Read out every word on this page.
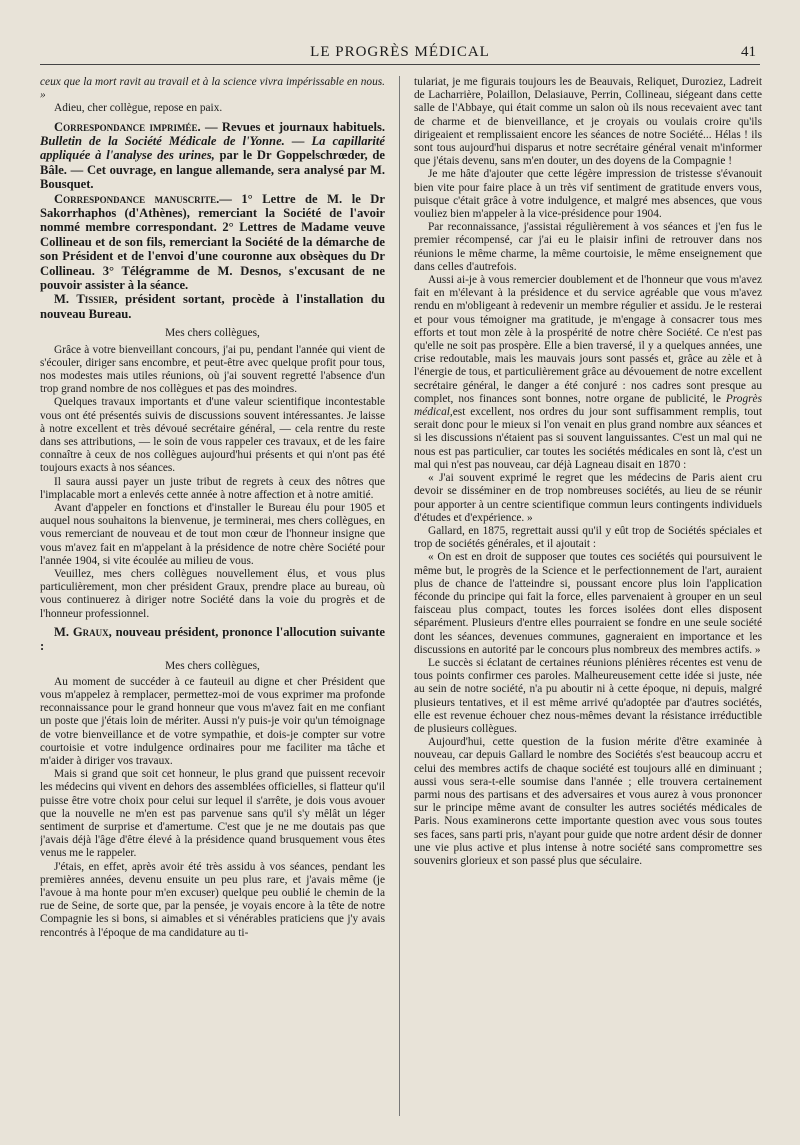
LE PROGRÈS MÉDICAL	41

ceux que la mort ravit au travail et à la science vivra impérissable en nous. »

Adieu, cher collègue, repose en paix.

Correspondance imprimée. — Revues et journaux habituels. Bulletin de la Société Médicale de l'Yonne. — La capillarité appliquée à l'analyse des urines, par le Dr Goppelschrœder, de Bâle. — Cet ouvrage, en langue allemande, sera analysé par M. Bousquet.

Correspondance manuscrite.— 1° Lettre de M. le Dr Sakorrhaphos (d'Athènes), remerciant la Société de l'avoir nommé membre correspondant. 2° Lettres de Madame veuve Collineau et de son fils, remerciant la Société de la démarche de son Président et de l'envoi d'une couronne aux obsèques du Dr Collineau. 3° Télégramme de M. Desnos, s'excusant de ne pouvoir assister à la séance.

M. Tissier, président sortant, procède à l'installation du nouveau Bureau.

Mes chers collègues,

Grâce à votre bienveillant concours, j'ai pu, pendant l'année qui vient de s'écouler, diriger sans encombre, et peut-être avec quelque profit pour tous, nos modestes mais utiles réunions, où j'ai souvent regretté l'absence d'un trop grand nombre de nos collègues et pas des moindres.

Quelques travaux importants et d'une valeur scientifique incontestable vous ont été présentés suivis de discussions souvent intéressantes. Je laisse à notre excellent et très dévoué secrétaire général, — cela rentre du reste dans ses attributions, — le soin de vous rappeler ces travaux, et de les faire connaître à ceux de nos collègues aujourd'hui présents et qui n'ont pas été toujours exacts à nos séances.

Il saura aussi payer un juste tribut de regrets à ceux des nôtres que l'implacable mort a enlevés cette année à notre affection et à notre amitié.

Avant d'appeler en fonctions et d'installer le Bureau élu pour 1905 et auquel nous souhaitons la bienvenue, je terminerai, mes chers collègues, en vous remerciant de nouveau et de tout mon cœur de l'honneur insigne que vous m'avez fait en m'appelant à la présidence de notre chère Société pour l'année 1904, si vite écoulée au milieu de vous.

Veuillez, mes chers collègues nouvellement élus, et vous plus particulièrement, mon cher président Graux, prendre place au bureau, où vous continuerez à diriger notre Société dans la voie du progrès et de l'honneur professionnel.

M. Graux, nouveau président, prononce l'allocution suivante :

Mes chers collègues,

Au moment de succéder à ce fauteuil au digne et cher Président que vous m'appelez à remplacer, permettez-moi de vous exprimer ma profonde reconnaissance pour le grand honneur que vous m'avez fait en me confiant un poste que j'étais loin de mériter. Aussi n'y puis-je voir qu'un témoignage de votre bienveillance et de votre sympathie, et dois-je compter sur votre courtoisie et votre indulgence ordinaires pour me faciliter ma tâche et m'aider à diriger vos travaux.

Mais si grand que soit cet honneur, le plus grand que puissent recevoir les médecins qui vivent en dehors des assemblées officielles, si flatteur qu'il puisse être votre choix pour celui sur lequel il s'arrête, je dois vous avouer que la nouvelle ne m'en est pas parvenue sans qu'il s'y mêlât un léger sentiment de surprise et d'amertume. C'est que je ne me doutais pas que j'avais déjà l'âge d'être élevé à la présidence quand brusquement vous êtes venus me le rappeler.

J'étais, en effet, après avoir été très assidu à vos séances, pendant les premières années, devenu ensuite un peu plus rare, et j'avais même (je l'avoue à ma honte pour m'en excuser) quelque peu oublié le chemin de la rue de Seine, de sorte que, par la pensée, je voyais encore à la tête de notre Compagnie les si bons, si aimables et si vénérables praticiens que j'y avais rencontrés à l'époque de ma candidature au ti-

tulariat, je me figurais toujours les de Beauvais, Reliquet, Duroziez, Ladreit de Lacharrière, Polaillon, Delasiauve, Perrin, Collineau, siégeant dans cette salle de l'Abbaye, qui était comme un salon où ils nous recevaient avec tant de charme et de bienveillance, et je croyais ou voulais croire qu'ils dirigeaient et remplissaient encore les séances de notre Société... Hélas ! ils sont tous aujourd'hui disparus et notre secrétaire général venait m'informer que j'étais devenu, sans m'en douter, un des doyens de la Compagnie !

Je me hâte d'ajouter que cette légère impression de tristesse s'évanouit bien vite pour faire place à un très vif sentiment de gratitude envers vous, puisque c'était grâce à votre indulgence, et malgré mes absences, que vous vouliez bien m'appeler à la vice-présidence pour 1904.

Par reconnaissance, j'assistai régulièrement à vos séances et j'en fus le premier récompensé, car j'ai eu le plaisir infini de retrouver dans nos réunions le même charme, la même courtoisie, le même enseignement que dans celles d'autrefois.

Aussi ai-je à vous remercier doublement et de l'honneur que vous m'avez fait en m'élevant à la présidence et du service agréable que vous m'avez rendu en m'obligeant à redevenir un membre régulier et assidu. Je le resterai et pour vous témoigner ma gratitude, je m'engage à consacrer tous mes efforts et tout mon zèle à la prospérité de notre chère Société. Ce n'est pas qu'elle ne soit pas prospère. Elle a bien traversé, il y a quelques années, une crise redoutable, mais les mauvais jours sont passés et, grâce au zèle et à l'énergie de tous, et particulièrement grâce au dévouement de notre excellent secrétaire général, le danger a été conjuré : nos cadres sont presque au complet, nos finances sont bonnes, notre organe de publicité, le Progrès médical,est excellent, nos ordres du jour sont suffisamment remplis, tout serait donc pour le mieux si l'on venait en plus grand nombre aux séances et si les discussions n'étaient pas si souvent languissantes. C'est un mal qui ne nous est pas particulier, car toutes les sociétés médicales en sont là, c'est un mal qui n'est pas nouveau, car déjà Lagneau disait en 1870 :

« J'ai souvent exprimé le regret que les médecins de Paris aient cru devoir se disséminer en de trop nombreuses sociétés, au lieu de se réunir pour apporter à un centre scientifique commun leurs contingents individuels d'études et d'expérience. »

Gallard, en 1875, regrettait aussi qu'il y eût trop de Sociétés spéciales et trop de sociétés générales, et il ajoutait :

« On est en droit de supposer que toutes ces sociétés qui poursuivent le même but, le progrès de la Science et le perfectionnement de l'art, auraient plus de chance de l'atteindre si, poussant encore plus loin l'application féconde du principe qui fait la force, elles parvenaient à grouper en un seul faisceau plus compact, toutes les forces isolées dont elles disposent séparément. Plusieurs d'entre elles pourraient se fondre en une seule société dont les séances, devenues communes, gagneraient en importance et les discussions en autorité par le concours plus nombreux des membres actifs. »

Le succès si éclatant de certaines réunions plénières récentes est venu de tous points confirmer ces paroles. Malheureusement cette idée si juste, née au sein de notre société, n'a pu aboutir ni à cette époque, ni depuis, malgré plusieurs tentatives, et il est même arrivé qu'adoptée par d'autres sociétés, elle est revenue échouer chez nous-mêmes devant la résistance irréductible de plusieurs collègues.

Aujourd'hui, cette question de la fusion mérite d'être examinée à nouveau, car depuis Gallard le nombre des Sociétés s'est beaucoup accru et celui des membres actifs de chaque société est toujours allé en diminuant ; aussi vous sera-t-elle soumise dans l'année ; elle trouvera certainement parmi nous des partisans et des adversaires et vous aurez à vous prononcer sur le principe même avant de consulter les autres sociétés médicales de Paris. Nous examinerons cette importante question avec vous sous toutes ses faces, sans parti pris, n'ayant pour guide que notre ardent désir de donner une vie plus active et plus intense à notre société sans compromettre ses souvenirs glorieux et son passé plus que séculaire.
